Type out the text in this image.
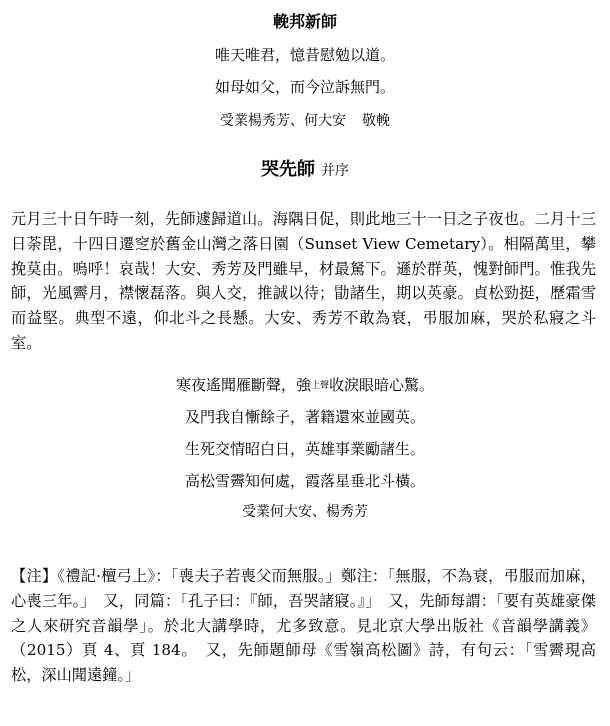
輓邦新師
唯天唯君，憶昔慰勉以道。
如母如父，而今泣訴無門。
受業楊秀芳、何大安 敬輓
哭先師 并序

元月三十日午時一刻，先師遽歸道山。海隅日促，則此地三十一日之子夜也。二月十三日荼毘，十四日遷窆於舊金山灣之落日園（Sunset View Cemetary）。相隔萬里，攀挽莫由。嗚呼！哀哉！大安、秀芳及門雖早，材最駑下。遜於群英，愧對師門。惟我先師，光風霽月，襟懷磊落。與人交，推誠以待；勖諸生，期以英豪。貞松勁挺，歷霜雪而益堅。典型不遠，仰北斗之長懸。大安、秀芳不敢為衰，弔服加麻，哭於私寢之斗室。

寒夜遙聞雁斷聲，強上聲收淚眼暗心驚。
及門我自慚餘子，著籍還來並國英。
生死交情昭白日，英雄事業勵諸生。
高松雪霽知何處，霞落星垂北斗橫。
受業何大安、楊秀芳

【注】《禮記·檀弓上》：「喪夫子若喪父而無服。」鄭注：「無服，不為衰，弔服而加麻，心喪三年。」　又，同篇：「孔子曰：『師，吾哭諸寢。』」　又，先師每謂：「要有英雄豪傑之人來研究音韻學」。於北大講學時，尤多致意。見北京大學出版社《音韻學講義》（2015）頁 4、頁 184。　又，先師題師母《雪嶺高松圖》詩，有句云：「雪霽現高松，深山聞遠鐘。」
